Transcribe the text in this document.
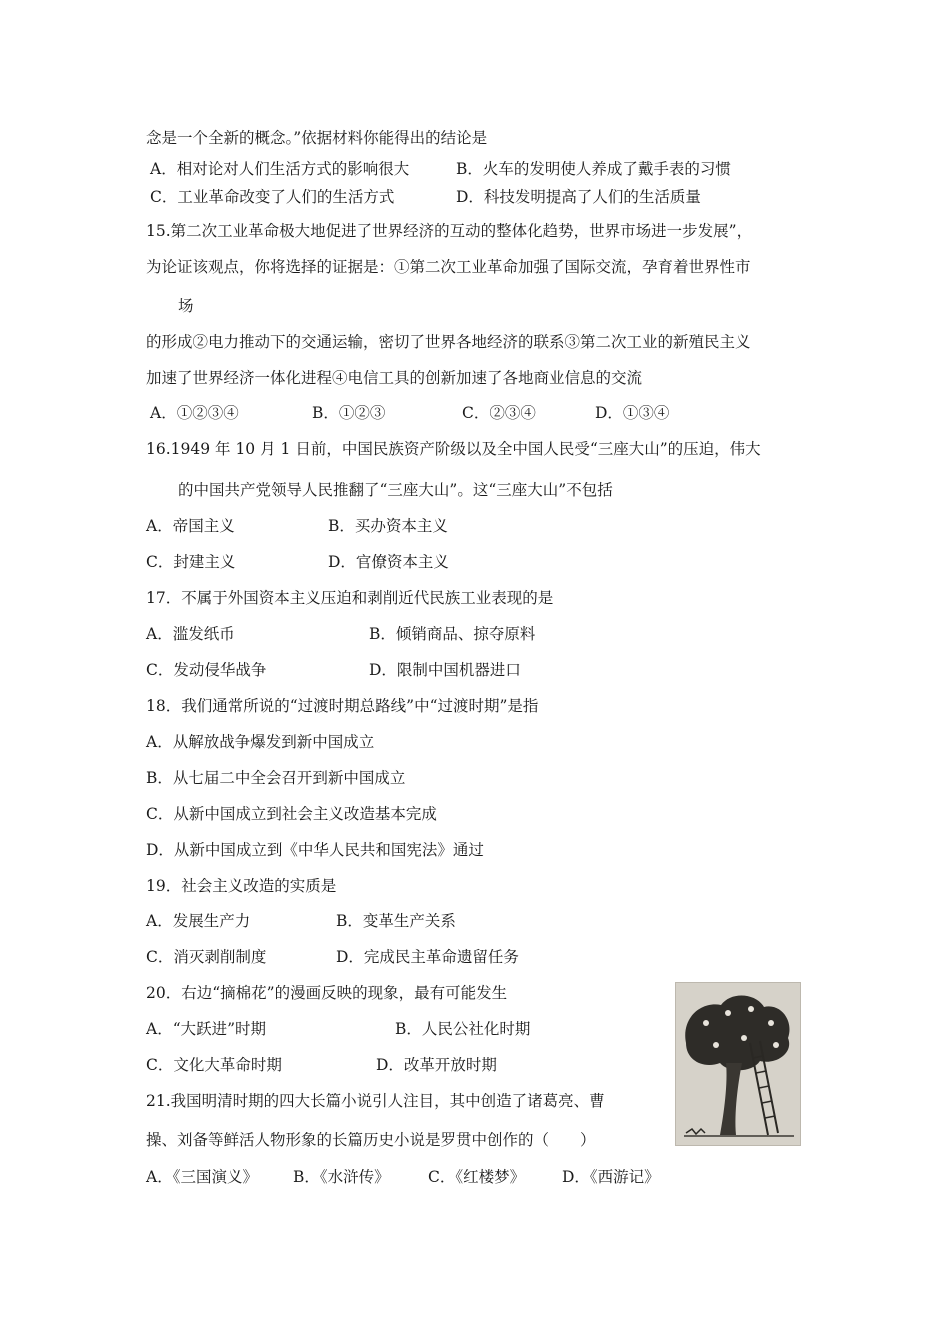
念是一个全新的概念。”依据材料你能得出的结论是
A．相对论对人们生活方式的影响很大	B．火车的发明使人养成了戴手表的习惯
C．工业革命改变了人们的生活方式	D．科技发明提高了人们的生活质量
15.第二次工业革命极大地促进了世界经济的互动的整体化趋势，世界市场进一步发展”，
为论证该观点，你将选择的证据是：①第二次工业革命加强了国际交流，孕育着世界性市
场
的形成②电力推动下的交通运输，密切了世界各地经济的联系③第二次工业的新殖民主义
加速了世界经济一体化进程④电信工具的创新加速了各地商业信息的交流
A．①②③④	B．①②③	C．②③④	D．①③④
16.1949 年 10 月 1 日前，中国民族资产阶级以及全中国人民受“三座大山”的压迫，伟大
的中国共产党领导人民推翻了“三座大山”。这“三座大山”不包括
A．帝国主义	B．买办资本主义
C．封建主义	D．官僚资本主义
17．不属于外国资本主义压迫和剥削近代民族工业表现的是
A．滥发纸币	B．倾销商品、掠夺原料
C．发动侵华战争	D．限制中国机器进口
18．我们通常所说的“过渡时期总路线”中“过渡时期”是指
A．从解放战争爆发到新中国成立
B．从七届二中全会召开到新中国成立
C．从新中国成立到社会主义改造基本完成
D．从新中国成立到《中华人民共和国宪法》通过
19．社会主义改造的实质是
A．发展生产力	B．变革生产关系
C．消灭剥削制度	D．完成民主革命遗留任务
20．右边“摘棉花”的漫画反映的现象，最有可能发生
A．“大跃进”时期	B．人民公社化时期
C．文化大革命时期	D．改革开放时期
21.我国明清时期的四大长篇小说引人注目，其中创造了诸葛亮、曹
操、刘备等鲜活人物形象的长篇历史小说是罗贯中创作的（　　）
A．《三国演义》 B．《水浒传》 C．《红楼梦》 D．《西游记》
